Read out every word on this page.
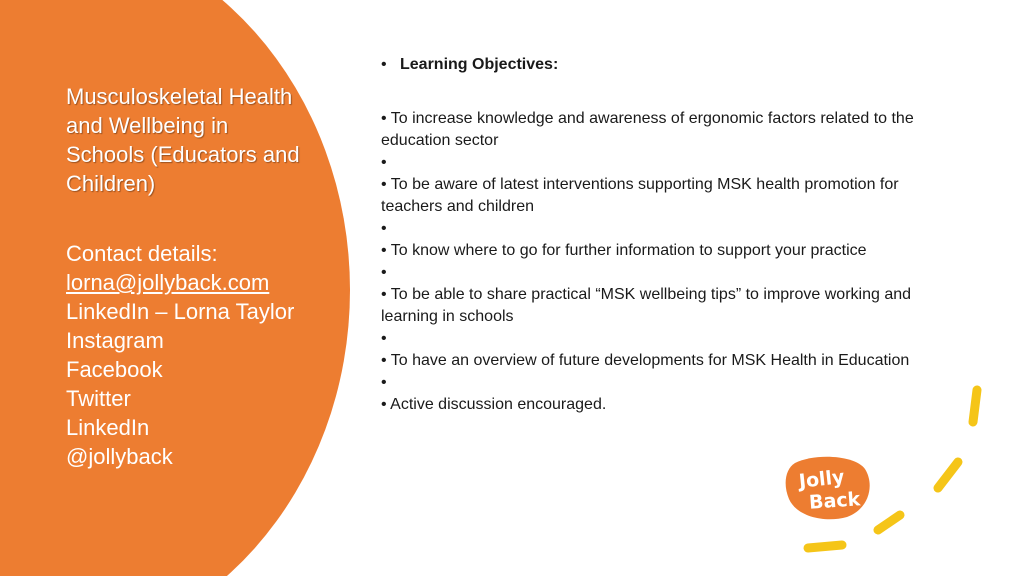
Musculoskeletal Health
and Wellbeing in
Schools (Educators and
Children)

Contact details:
lorna@jollyback.com
LinkedIn – Lorna Taylor
Instagram
Facebook
Twitter
LinkedIn
@jollyback
• Learning Objectives:

• To increase knowledge and awareness of ergonomic factors related to the education sector

•

• To be aware of latest interventions supporting MSK health promotion for teachers and children

•

• To know where to go for further information to support your practice

•

• To be able to share practical “MSK wellbeing tips” to improve working and learning in schools

•

• To have an overview of future developments for MSK Health in Education

•

• Active discussion encouraged.

Jolly
Back
